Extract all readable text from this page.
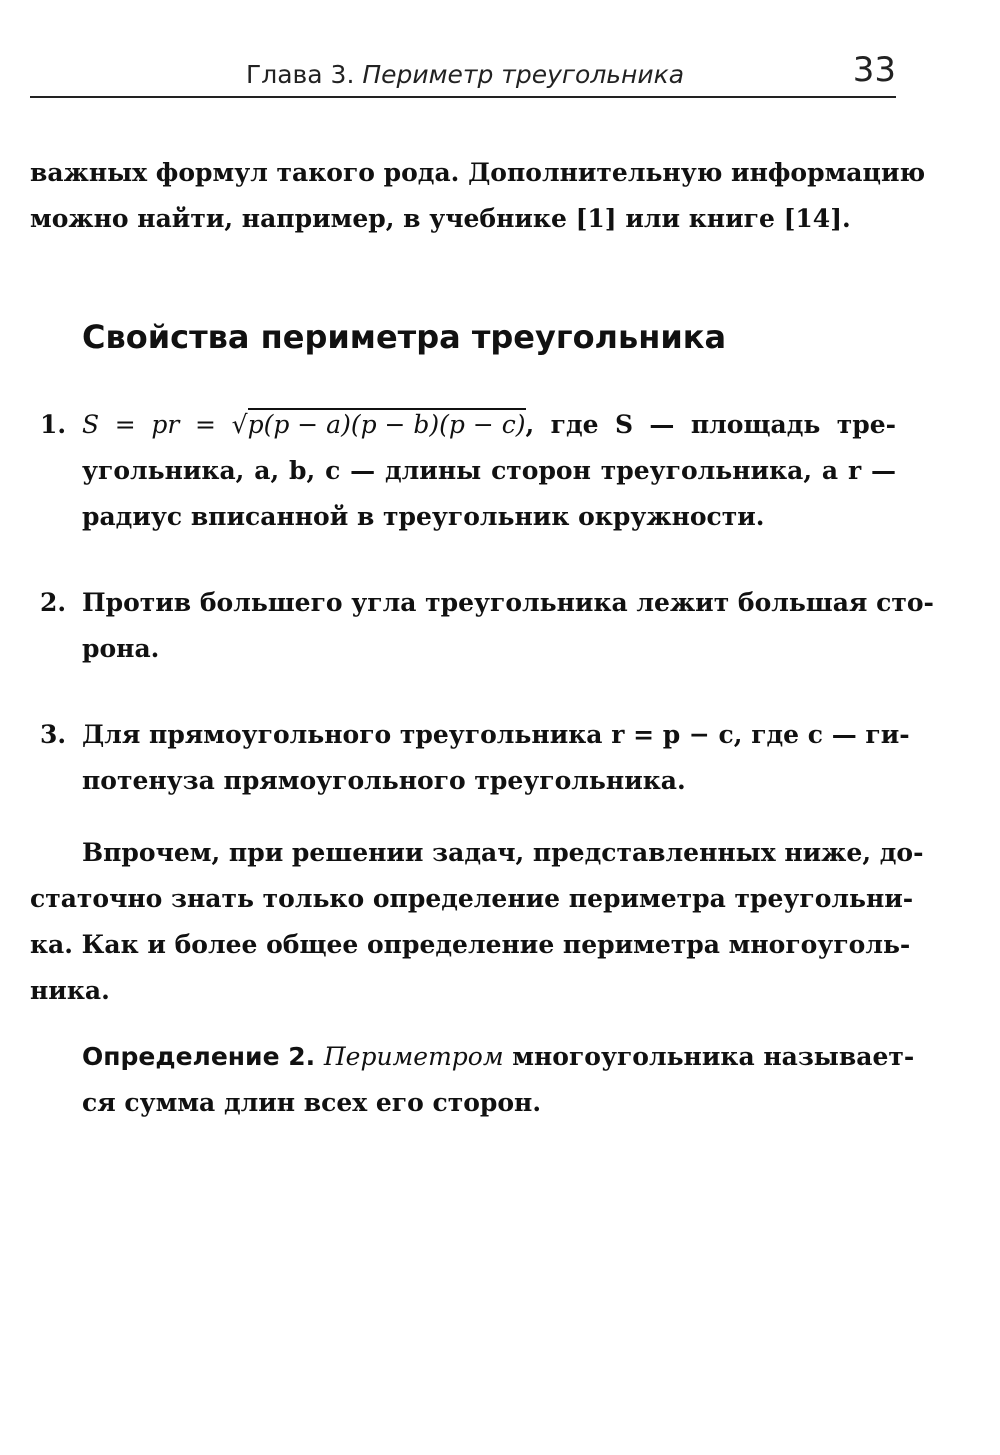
Глава 3. Периметр треугольника	33
важных формул такого рода. Дополнительную информацию
можно найти, например, в учебнике [1] или книге [14].
Свойства периметра треугольника
1. S = pr = √p(p − a)(p − b)(p − c), где S — площадь тре-
угольника, a, b, c — длины сторон треугольника, а r —
радиус вписанной в треугольник окружности.
2. Против большего угла треугольника лежит большая сто-
рона.
3. Для прямоугольного треугольника r = p − c, где c — ги-
потенуза прямоугольного треугольника.
Впрочем, при решении задач, представленных ниже, до-
статочно знать только определение периметра треугольни-
ка. Как и более общее определение периметра многоуголь-
ника.
Определение 2. Периметром многоугольника называет-
ся сумма длин всех его сторон.
